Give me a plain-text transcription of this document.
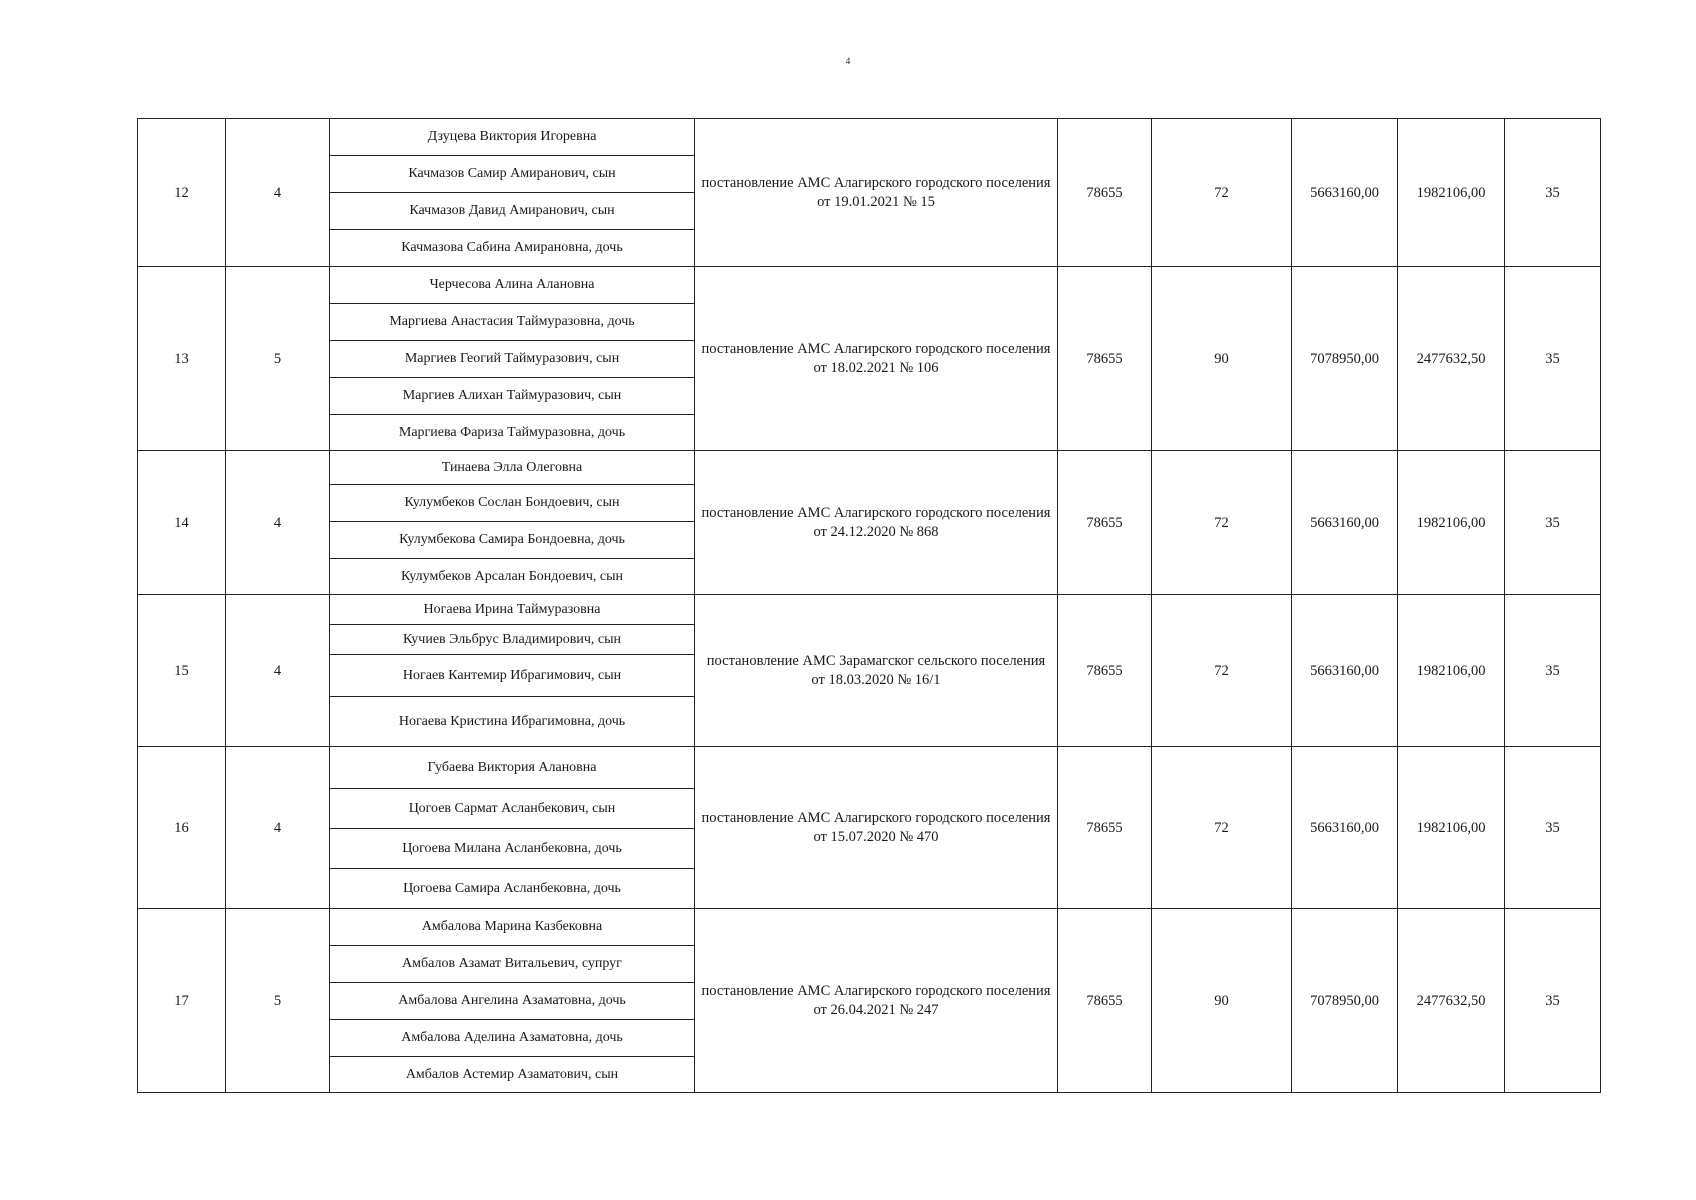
4
12	4	Дзуцева Виктория Игоревна	постановление АМС Алагирского городского поселения от 19.01.2021 № 15	78655	72	5663160,00	1982106,00	35
		Качмазов Самир Амиранович, сын						
		Качмазов Давид Амиранович, сын						
		Качмазова Сабина Амирановна, дочь						
13	5	Черчесова Алина Алановна	постановление АМС Алагирского городского поселения от 18.02.2021 № 106	78655	90	7078950,00	2477632,50	35
		Маргиева Анастасия Таймуразовна, дочь						
		Маргиев Геогий Таймуразович, сын						
		Маргиев Алихан Таймуразович, сын						
		Маргиева Фариза Таймуразовна, дочь						
14	4	Тинаева Элла Олеговна	постановление АМС Алагирского городского поселения от 24.12.2020 № 868	78655	72	5663160,00	1982106,00	35
		Кулумбеков Сослан Бондоевич, сын						
		Кулумбекова Самира Бондоевна, дочь						
		Кулумбеков Арсалан Бондоевич, сын						
15	4	Ногаева Ирина Таймуразовна	постановление АМС Зарамагског сельского поселения от 18.03.2020 № 16/1	78655	72	5663160,00	1982106,00	35
		Кучиев Эльбрус Владимирович, сын						
		Ногаев Кантемир Ибрагимович, сын						
		Ногаева Кристина Ибрагимовна, дочь						
16	4	Губаева Виктория Алановна	постановление АМС Алагирского городского поселения от 15.07.2020 № 470	78655	72	5663160,00	1982106,00	35
		Цогоев Сармат Асланбекович, сын						
		Цогоева Милана Асланбековна, дочь						
		Цогоева Самира Асланбековна, дочь						
17	5	Амбалова Марина Казбековна	постановление АМС Алагирского городского поселения от 26.04.2021 № 247	78655	90	7078950,00	2477632,50	35
		Амбалов Азамат Витальевич, супруг						
		Амбалова Ангелина Азаматовна, дочь						
		Амбалова Аделина Азаматовна, дочь						
		Амбалов Астемир Азаматович, сын						
